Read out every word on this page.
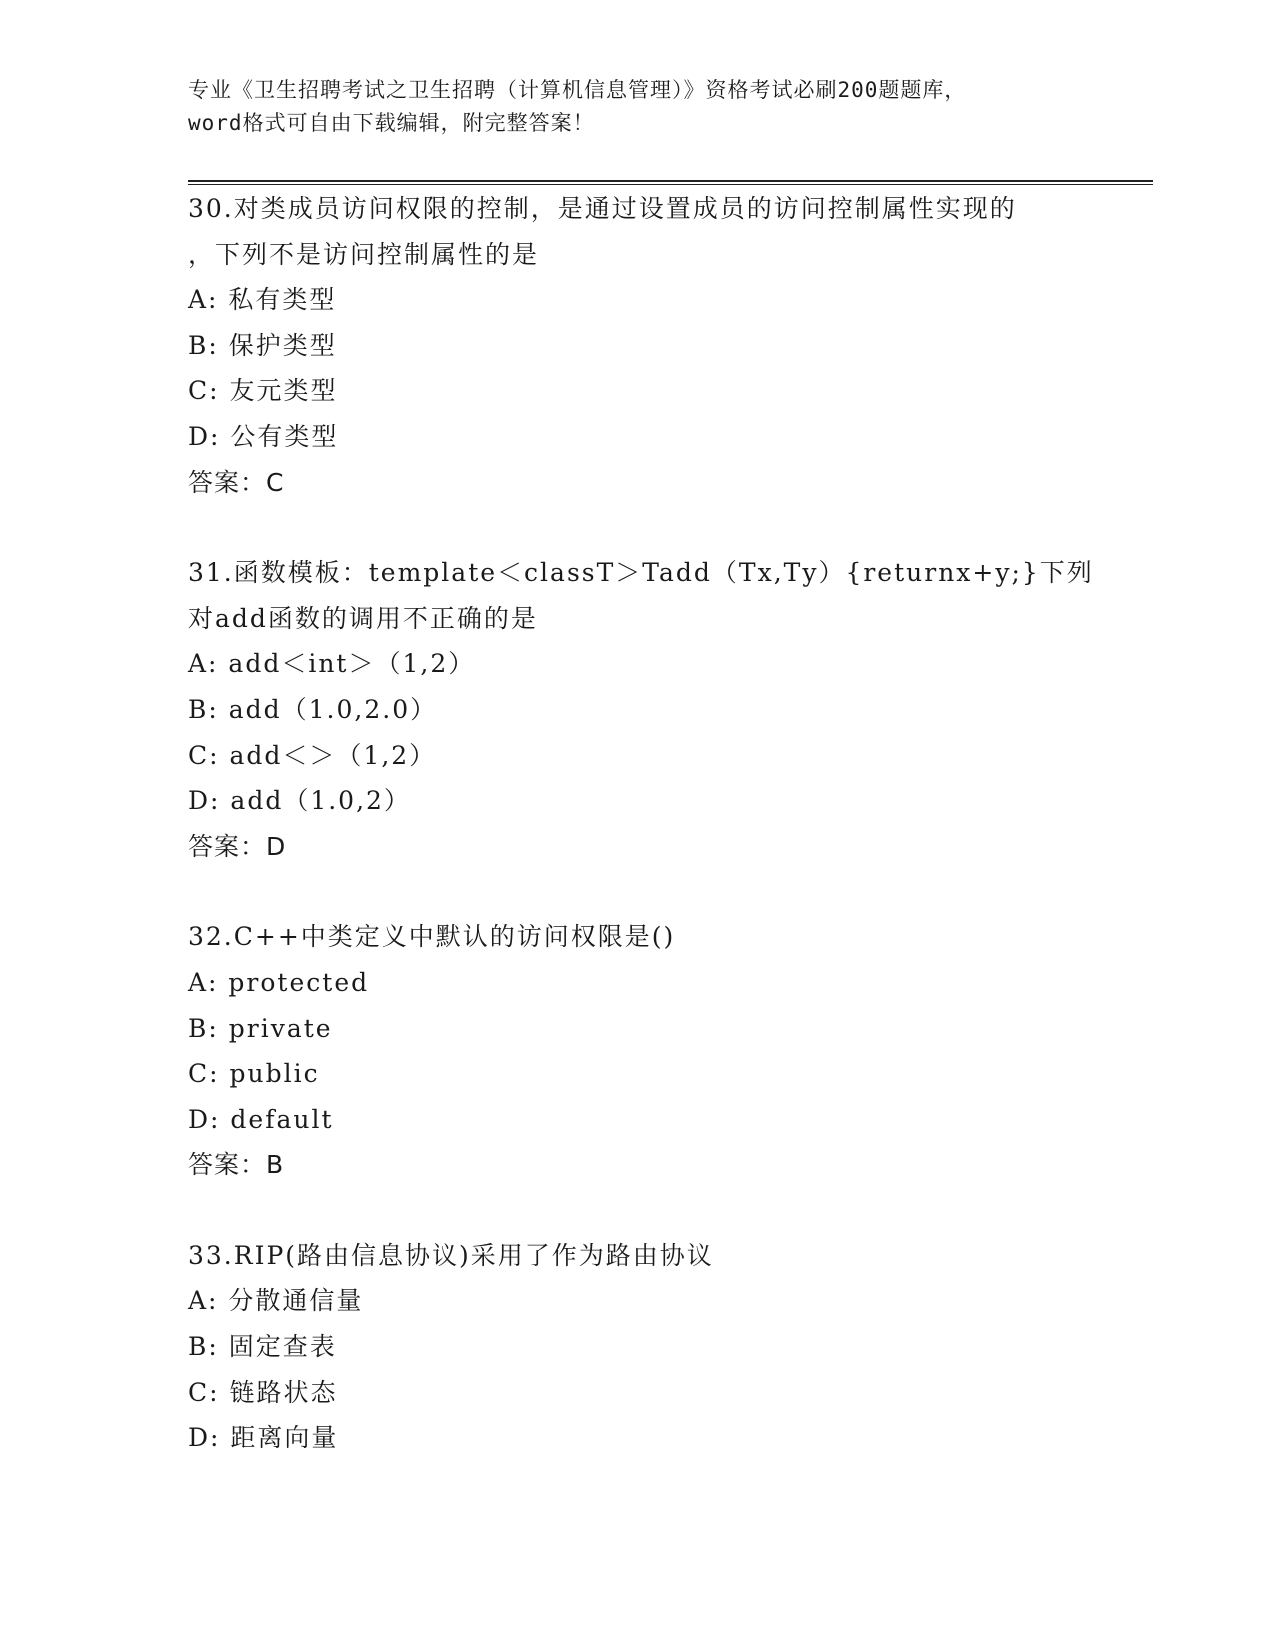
专业《卫生招聘考试之卫生招聘（计算机信息管理）》资格考试必刷200题题库，
word格式可自由下载编辑，附完整答案！
30.对类成员访问权限的控制，是通过设置成员的访问控制属性实现的
，下列不是访问控制属性的是
A: 私有类型
B: 保护类型
C: 友元类型
D: 公有类型
答案：C
31.函数模板：template＜classT＞Tadd（Tx,Ty）{returnx+y;}下列
对add函数的调用不正确的是
A: add＜int＞（1,2）
B: add（1.0,2.0）
C: add＜＞（1,2）
D: add（1.0,2）
答案：D
32.C++中类定义中默认的访问权限是()
A: protected
B: private
C: public
D: default
答案：B
33.RIP(路由信息协议)采用了作为路由协议
A: 分散通信量
B: 固定查表
C: 链路状态
D: 距离向量
